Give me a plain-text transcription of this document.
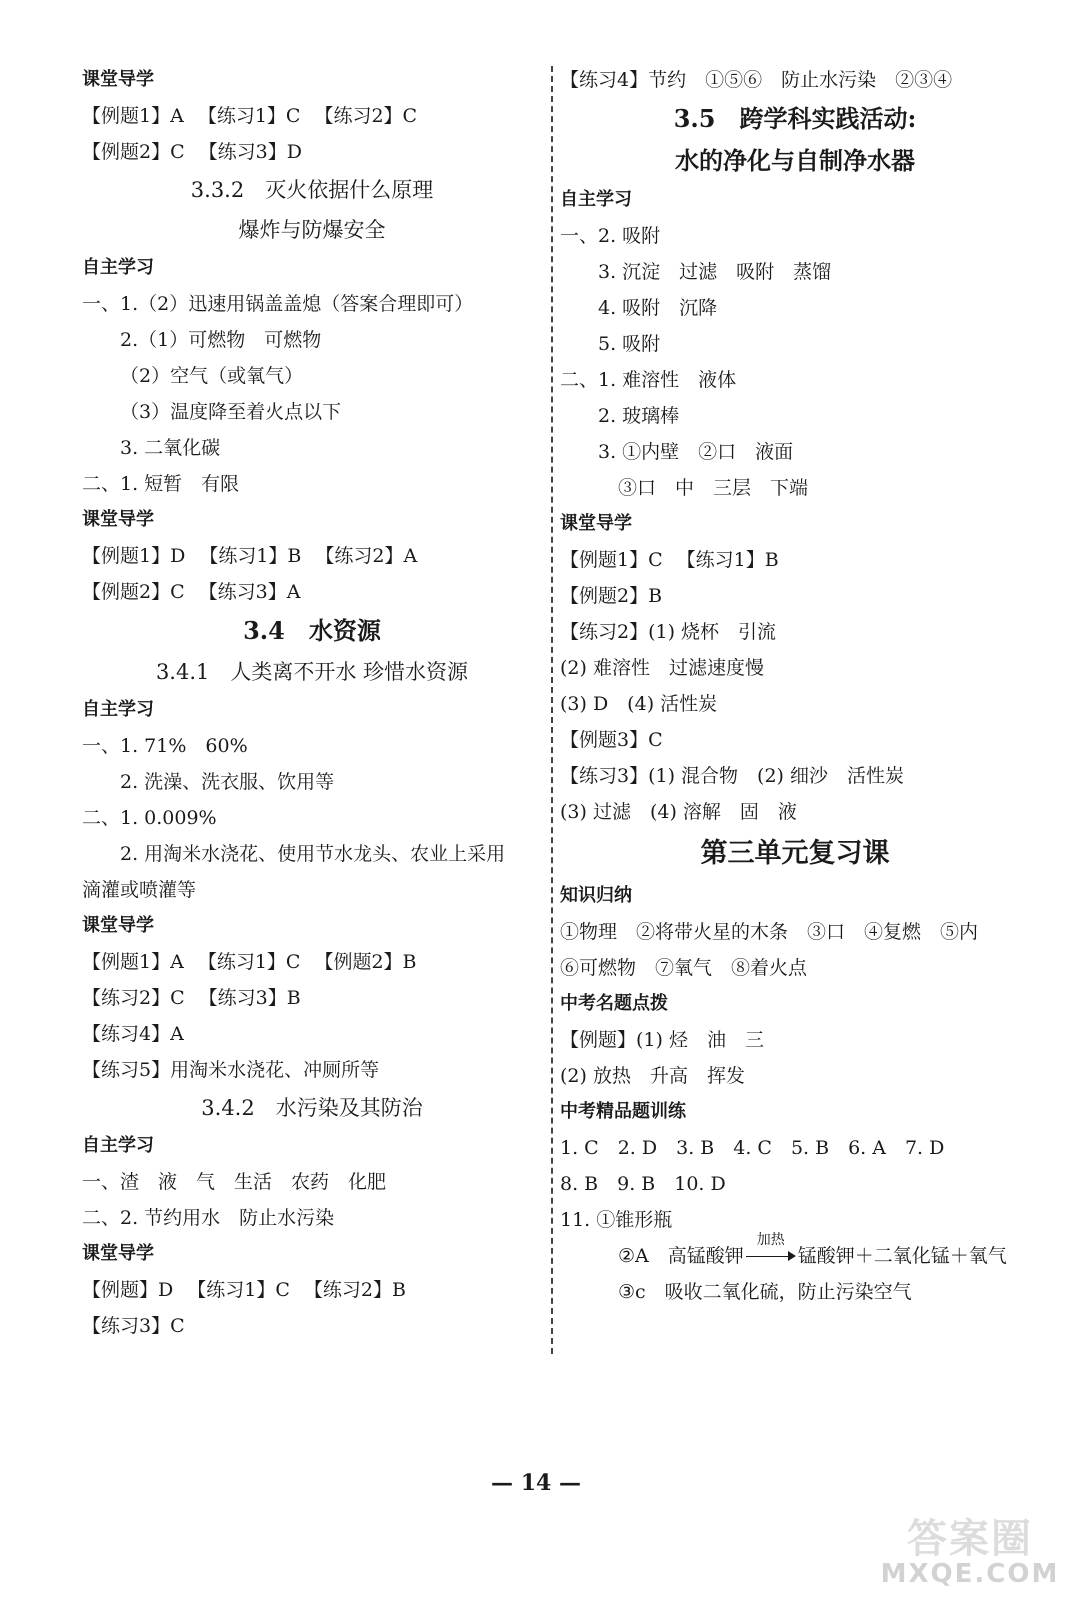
课堂导学
【例题1】A 【练习1】C 【练习2】C
【例题2】C 【练习3】D
3.3.2　灭火依据什么原理
爆炸与防爆安全
自主学习
一、1.（2）迅速用锅盖盖熄（答案合理即可）
2.（1）可燃物　可燃物
（2）空气（或氧气）
（3）温度降至着火点以下
3. 二氧化碳
二、1. 短暂　有限
课堂导学
【例题1】D 【练习1】B 【练习2】A
【例题2】C 【练习3】A
3.4　水资源
3.4.1　人类离不开水 珍惜水资源
自主学习
一、1. 71%　60%
2. 洗澡、洗衣服、饮用等
二、1. 0.009%
2. 用淘米水浇花、使用节水龙头、农业上采用
滴灌或喷灌等
课堂导学
【例题1】A 【练习1】C 【例题2】B
【练习2】C 【练习3】B
【练习4】A
【练习5】用淘米水浇花、冲厕所等
3.4.2　水污染及其防治
自主学习
一、渣　液　气　生活　农药　化肥
二、2. 节约用水　防止水污染
课堂导学
【例题】D 【练习1】C 【练习2】B
【练习3】C
【练习4】节约　①⑤⑥　防止水污染　②③④
3.5　跨学科实践活动:
水的净化与自制净水器
自主学习
一、2. 吸附
3. 沉淀　过滤　吸附　蒸馏
4. 吸附　沉降
5. 吸附
二、1. 难溶性　液体
2. 玻璃棒
3. ①内壁　②口　液面
③口　中　三层　下端
课堂导学
【例题1】C 【练习1】B
【例题2】B
【练习2】(1) 烧杯　引流
(2) 难溶性　过滤速度慢
(3) D　(4) 活性炭
【例题3】C
【练习3】(1) 混合物　(2) 细沙　活性炭
(3) 过滤　(4) 溶解　固　液
第三单元复习课
知识归纳
①物理　②将带火星的木条　③口　④复燃　⑤内
⑥可燃物　⑦氧气　⑧着火点
中考名题点拨
【例题】(1) 烃　油　三
(2) 放热　升高　挥发
中考精品题训练
1. C　2. D　3. B　4. C　5. B　6. A　7. D
8. B　9. B　10. D
11. ①锥形瓶
②A　高锰酸钾
加热
锰酸钾＋二氧化锰＋氧气
③c　吸收二氧化硫，防止污染空气
— 14 —
答案圈
MXQE.COM
